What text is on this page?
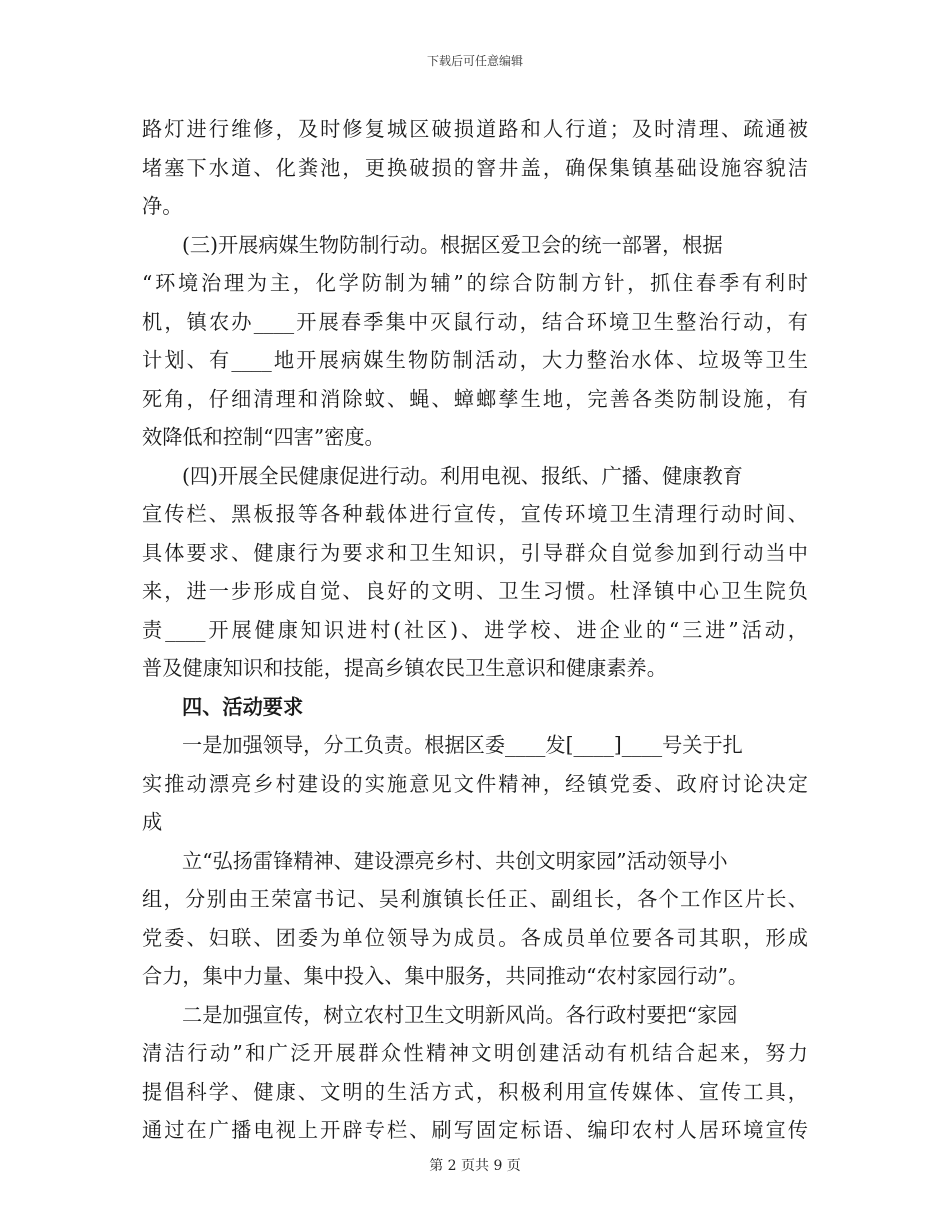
下载后可任意编辑
路灯进行维修，及时修复城区破损道路和人行道；及时清理、疏通被
堵塞下水道、化粪池，更换破损的窨井盖，确保集镇基础设施容貌洁
净。
(三)开展病媒生物防制行动。根据区爱卫会的统一部署，根据
“环境治理为主，化学防制为辅”的综合防制方针，抓住春季有利时
机，镇农办____开展春季集中灭鼠行动，结合环境卫生整治行动，有
计划、有____地开展病媒生物防制活动，大力整治水体、垃圾等卫生
死角，仔细清理和消除蚊、蝇、蟑螂孳生地，完善各类防制设施，有
效降低和控制“四害”密度。
(四)开展全民健康促进行动。利用电视、报纸、广播、健康教育
宣传栏、黑板报等各种载体进行宣传，宣传环境卫生清理行动时间、
具体要求、健康行为要求和卫生知识，引导群众自觉参加到行动当中
来，进一步形成自觉、良好的文明、卫生习惯。杜泽镇中心卫生院负
责____开展健康知识进村(社区)、进学校、进企业的“三进”活动，
普及健康知识和技能，提高乡镇农民卫生意识和健康素养。
四、活动要求
一是加强领导，分工负责。根据区委____发[____]____号关于扎
实推动漂亮乡村建设的实施意见文件精神，经镇党委、政府讨论决定
成
立“弘扬雷锋精神、建设漂亮乡村、共创文明家园”活动领导小
组，分别由王荣富书记、吴利旗镇长任正、副组长，各个工作区片长、
党委、妇联、团委为单位领导为成员。各成员单位要各司其职，形成
合力，集中力量、集中投入、集中服务，共同推动“农村家园行动”。
二是加强宣传，树立农村卫生文明新风尚。各行政村要把“家园
清洁行动”和广泛开展群众性精神文明创建活动有机结合起来，努力
提倡科学、健康、文明的生活方式，积极利用宣传媒体、宣传工具，
通过在广播电视上开辟专栏、刷写固定标语、编印农村人居环境宣传
第 2 页共 9 页
